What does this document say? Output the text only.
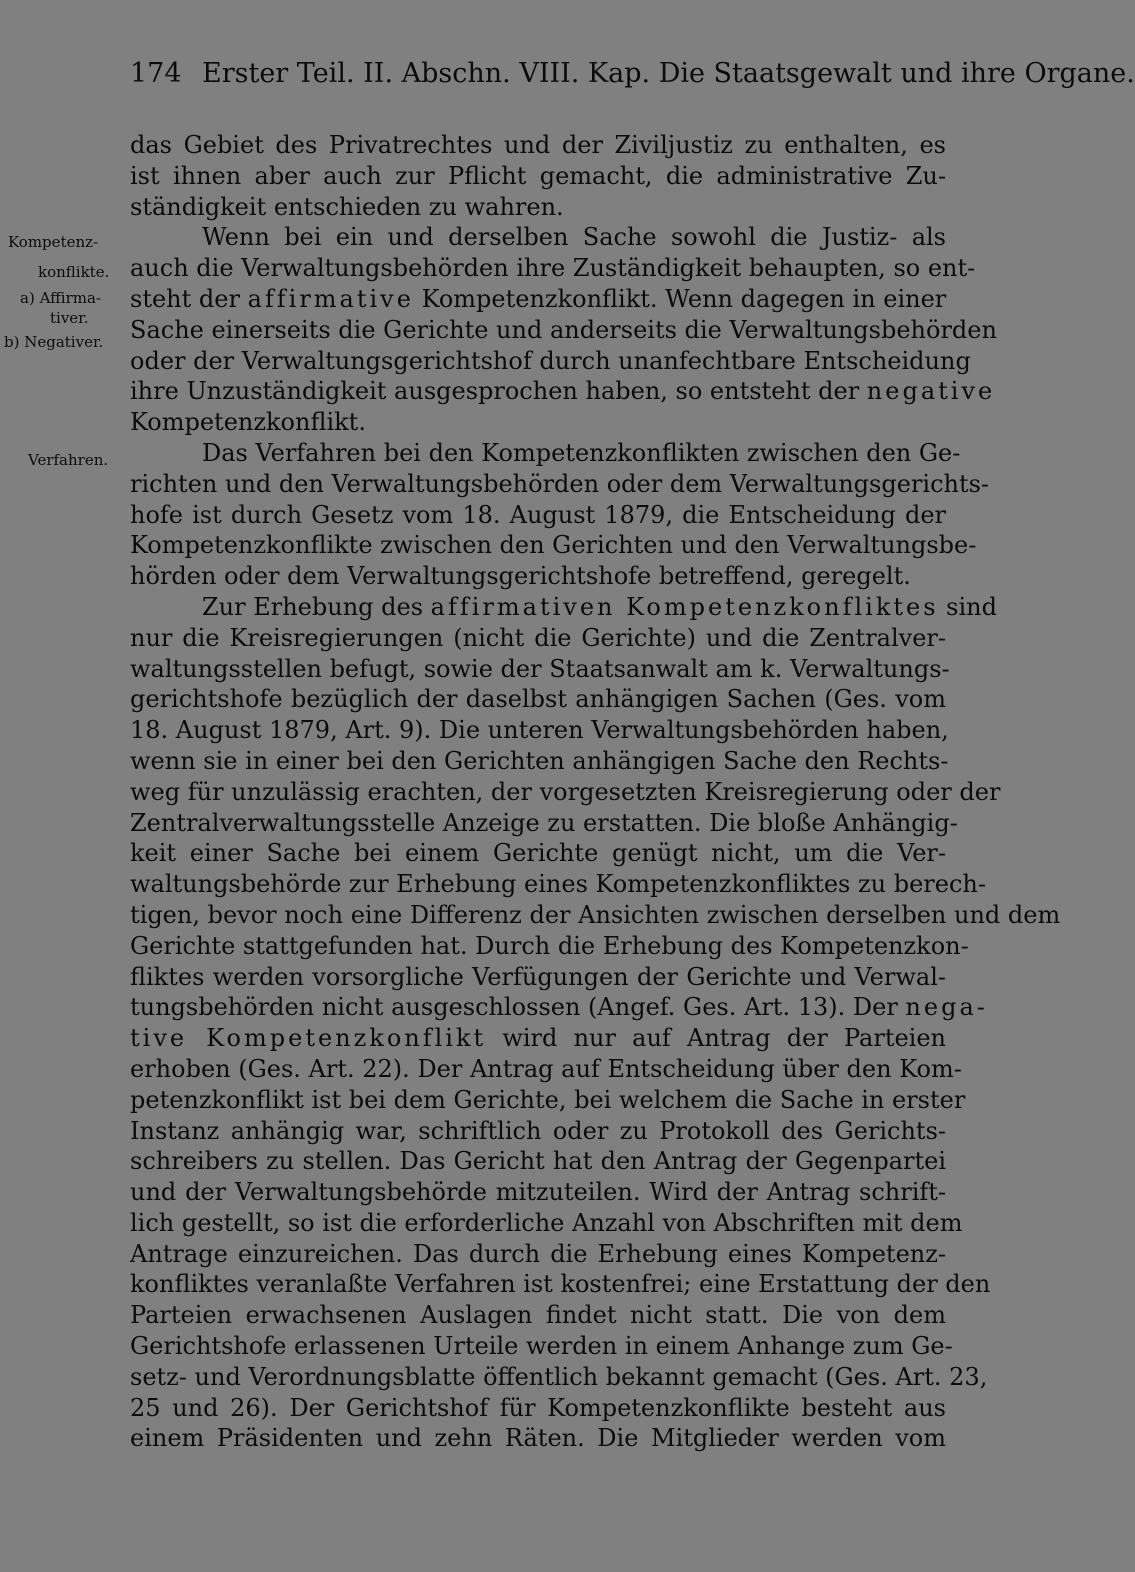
174 Erster Teil. II. Abschn. VIII. Kap. Die Staatsgewalt und ihre Organe.
Kompetenz-
konflikte.
a) Affirma-
tiver.
b) Negativer.
Verfahren.
das Gebiet des Privatrechtes und der Ziviljustiz zu enthalten, es
ist ihnen aber auch zur Pflicht gemacht, die administrative Zu-
ständigkeit entschieden zu wahren.
Wenn bei ein und derselben Sache sowohl die Justiz- als
auch die Verwaltungsbehörden ihre Zuständigkeit behaupten, so ent-
steht der affirmative Kompetenzkonflikt. Wenn dagegen in einer
Sache einerseits die Gerichte und anderseits die Verwaltungsbehörden
oder der Verwaltungsgerichtshof durch unanfechtbare Entscheidung
ihre Unzuständigkeit ausgesprochen haben, so entsteht der negative
Kompetenzkonflikt.
Das Verfahren bei den Kompetenzkonflikten zwischen den Ge-
richten und den Verwaltungsbehörden oder dem Verwaltungsgerichts-
hofe ist durch Gesetz vom 18. August 1879, die Entscheidung der
Kompetenzkonflikte zwischen den Gerichten und den Verwaltungsbe-
hörden oder dem Verwaltungsgerichtshofe betreffend, geregelt.
Zur Erhebung des affirmativen Kompetenzkonfliktes sind
nur die Kreisregierungen (nicht die Gerichte) und die Zentralver-
waltungsstellen befugt, sowie der Staatsanwalt am k. Verwaltungs-
gerichtshofe bezüglich der daselbst anhängigen Sachen (Ges. vom
18. August 1879, Art. 9). Die unteren Verwaltungsbehörden haben,
wenn sie in einer bei den Gerichten anhängigen Sache den Rechts-
weg für unzulässig erachten, der vorgesetzten Kreisregierung oder der
Zentralverwaltungsstelle Anzeige zu erstatten. Die bloße Anhängig-
keit einer Sache bei einem Gerichte genügt nicht, um die Ver-
waltungsbehörde zur Erhebung eines Kompetenzkonfliktes zu berech-
tigen, bevor noch eine Differenz der Ansichten zwischen derselben und dem
Gerichte stattgefunden hat. Durch die Erhebung des Kompetenzkon-
fliktes werden vorsorgliche Verfügungen der Gerichte und Verwal-
tungsbehörden nicht ausgeschlossen (Angef. Ges. Art. 13). Der nega-
tive Kompetenzkonflikt wird nur auf Antrag der Parteien
erhoben (Ges. Art. 22). Der Antrag auf Entscheidung über den Kom-
petenzkonflikt ist bei dem Gerichte, bei welchem die Sache in erster
Instanz anhängig war, schriftlich oder zu Protokoll des Gerichts-
schreibers zu stellen. Das Gericht hat den Antrag der Gegenpartei
und der Verwaltungsbehörde mitzuteilen. Wird der Antrag schrift-
lich gestellt, so ist die erforderliche Anzahl von Abschriften mit dem
Antrage einzureichen. Das durch die Erhebung eines Kompetenz-
konfliktes veranlaßte Verfahren ist kostenfrei; eine Erstattung der den
Parteien erwachsenen Auslagen findet nicht statt. Die von dem
Gerichtshofe erlassenen Urteile werden in einem Anhange zum Ge-
setz- und Verordnungsblatte öffentlich bekannt gemacht (Ges. Art. 23,
25 und 26). Der Gerichtshof für Kompetenzkonflikte besteht aus
einem Präsidenten und zehn Räten. Die Mitglieder werden vom
